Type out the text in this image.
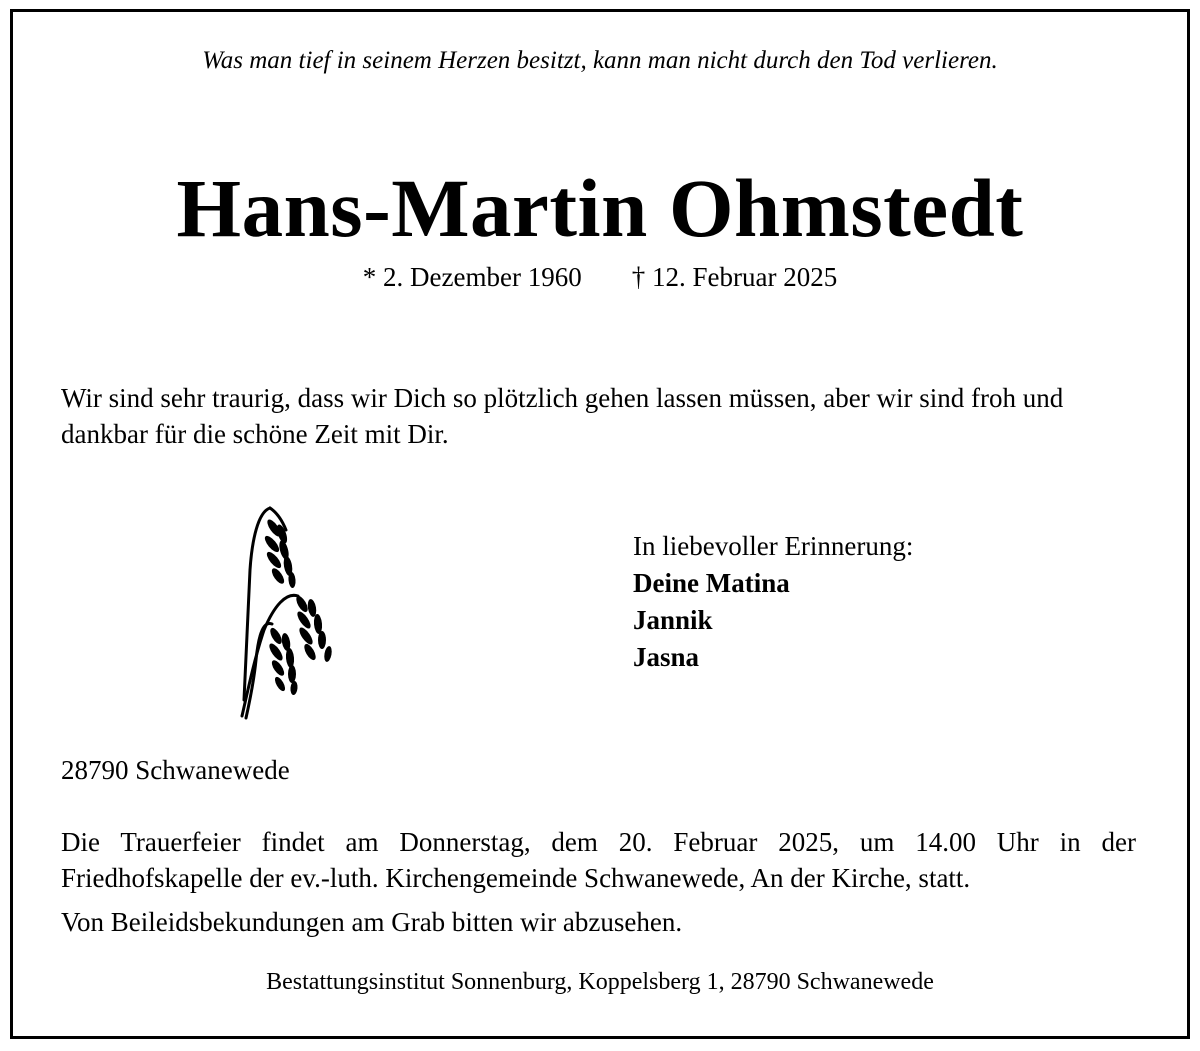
Was man tief in seinem Herzen besitzt, kann man nicht durch den Tod verlieren.
Hans-Martin Ohmstedt
* 2. Dezember 1960 † 12. Februar 2025
Wir sind sehr traurig, dass wir Dich so plötzlich gehen lassen müssen, aber wir sind froh und dankbar für die schöne Zeit mit Dir.
In liebevoller Erinnerung:
Deine Matina
Jannik
Jasna
28790 Schwanewede
Die Trauerfeier findet am Donnerstag, dem 20. Februar 2025, um 14.00 Uhr in der Friedhofskapelle der ev.-luth. Kirchengemeinde Schwanewede, An der Kirche, statt.
Von Beileidsbekundungen am Grab bitten wir abzusehen.
Bestattungsinstitut Sonnenburg, Koppelsberg 1, 28790 Schwanewede
